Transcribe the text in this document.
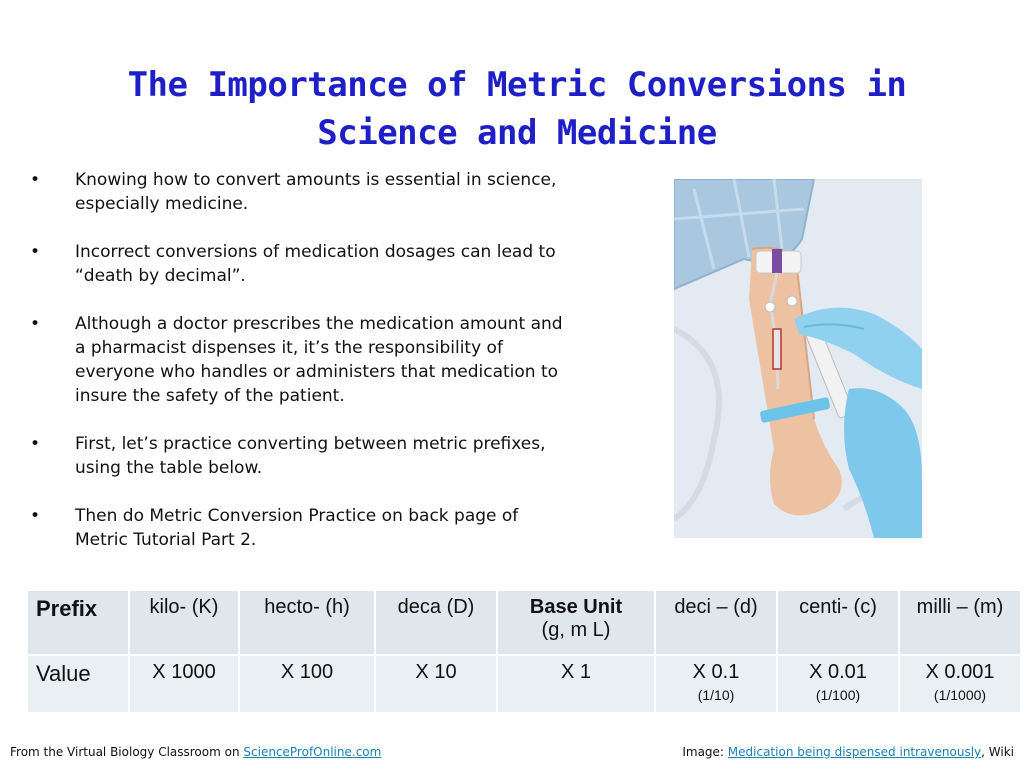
The Importance of Metric Conversions in
Science and Medicine
• Knowing how to convert amounts is essential in science,
especially medicine.
• Incorrect conversions of medication dosages can lead to
“death by decimal”.
• Although a doctor prescribes the medication amount and
a pharmacist dispenses it, it’s the responsibility of
everyone who handles or administers that medication to
insure the safety of the patient.
• First, let’s practice converting between metric prefixes,
using the table below.
• Then do Metric Conversion Practice on back page of
Metric Tutorial Part 2.
Prefix	kilo- (K)	hecto- (h)	deca (D)	Base Unit
(g, m L)	deci – (d)	centi- (c)	milli – (m)
Value	X 1000	X 100	X 10	X 1	X 0.1
(1/10)	X 0.01
(1/100)	X 0.001
(1/1000)
From the Virtual Biology Classroom on ScienceProfOnline.com	Image: Medication being dispensed intravenously, Wiki
